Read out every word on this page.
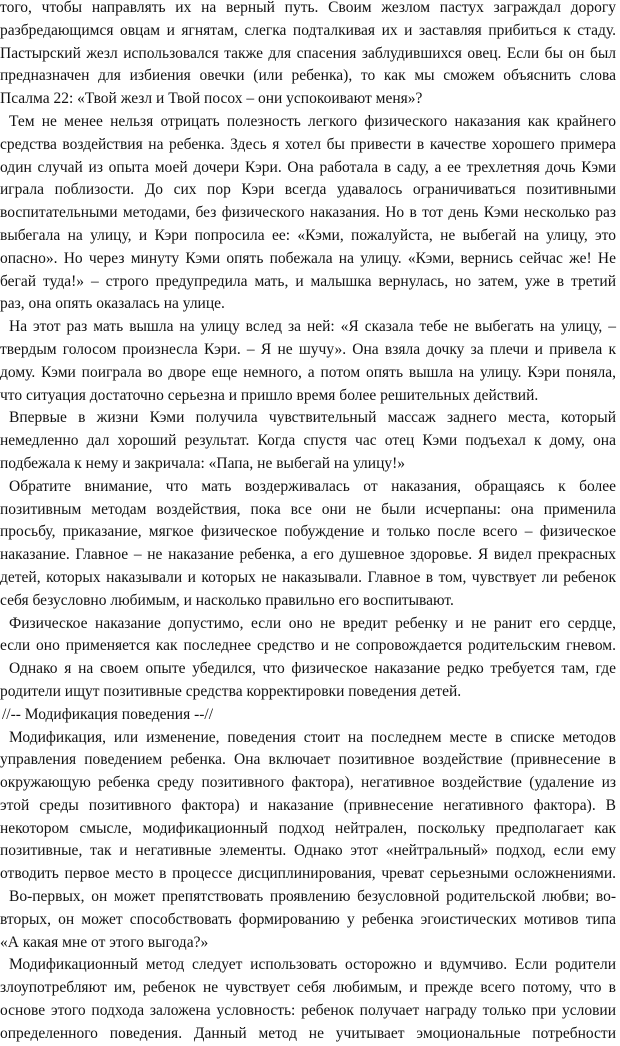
того, чтобы направлять их на верный путь. Своим жезлом пастух заграждал дорогу
разбредающимся овцам и ягнятам, слегка подталкивая их и заставляя прибиться к стаду.
Пастырский жезл использовался также для спасения заблудившихся овец. Если бы он был
предназначен для избиения овечки (или ребенка), то как мы сможем объяснить слова
Псалма 22: «Твой жезл и Твой посох – они успокоивают меня»?
Тем не менее нельзя отрицать полезность легкого физического наказания как крайнего
средства воздействия на ребенка. Здесь я хотел бы привести в качестве хорошего примера
один случай из опыта моей дочери Кэри. Она работала в саду, а ее трехлетняя дочь Кэми
играла поблизости. До сих пор Кэри всегда удавалось ограничиваться позитивными
воспитательными методами, без физического наказания. Но в тот день Кэми несколько раз
выбегала на улицу, и Кэри попросила ее: «Кэми, пожалуйста, не выбегай на улицу, это
опасно». Но через минуту Кэми опять побежала на улицу. «Кэми, вернись сейчас же! Не
бегай туда!» – строго предупредила мать, и малышка вернулась, но затем, уже в третий
раз, она опять оказалась на улице.
На этот раз мать вышла на улицу вслед за ней: «Я сказала тебе не выбегать на улицу, –
твердым голосом произнесла Кэри. – Я не шучу». Она взяла дочку за плечи и привела к
дому. Кэми поиграла во дворе еще немного, а потом опять вышла на улицу. Кэри поняла,
что ситуация достаточно серьезна и пришло время более решительных действий.
Впервые в жизни Кэми получила чувствительный массаж заднего места, который
немедленно дал хороший результат. Когда спустя час отец Кэми подъехал к дому, она
подбежала к нему и закричала: «Папа, не выбегай на улицу!»
Обратите внимание, что мать воздерживалась от наказания, обращаясь к более
позитивным методам воздействия, пока все они не были исчерпаны: она применила
просьбу, приказание, мягкое физическое побуждение и только после всего – физическое
наказание. Главное – не наказание ребенка, а его душевное здоровье. Я видел прекрасных
детей, которых наказывали и которых не наказывали. Главное в том, чувствует ли ребенок
себя безусловно любимым, и насколько правильно его воспитывают.
Физическое наказание допустимо, если оно не вредит ребенку и не ранит его сердце,
если оно применяется как последнее средство и не сопровождается родительским гневом.
Однако я на своем опыте убедился, что физическое наказание редко требуется там, где
родители ищут позитивные средства корректировки поведения детей.
//-- Модификация поведения --//
Модификация, или изменение, поведения стоит на последнем месте в списке методов
управления поведением ребенка. Она включает позитивное воздействие (привнесение в
окружающую ребенка среду позитивного фактора), негативное воздействие (удаление из
этой среды позитивного фактора) и наказание (привнесение негативного фактора). В
некотором смысле, модификационный подход нейтрален, поскольку предполагает как
позитивные, так и негативные элементы. Однако этот «нейтральный» подход, если ему
отводить первое место в процессе дисциплинирования, чреват серьезными осложнениями.
Во-первых, он может препятствовать проявлению безусловной родительской любви; во-
вторых, он может способствовать формированию у ребенка эгоистических мотивов типа
«А какая мне от этого выгода?»
Модификационный метод следует использовать осторожно и вдумчиво. Если родители
злоупотребляют им, ребенок не чувствует себя любимым, и прежде всего потому, что в
основе этого подхода заложена условность: ребенок получает награду только при условии
определенного поведения. Данный метод не учитывает эмоциональные потребности
